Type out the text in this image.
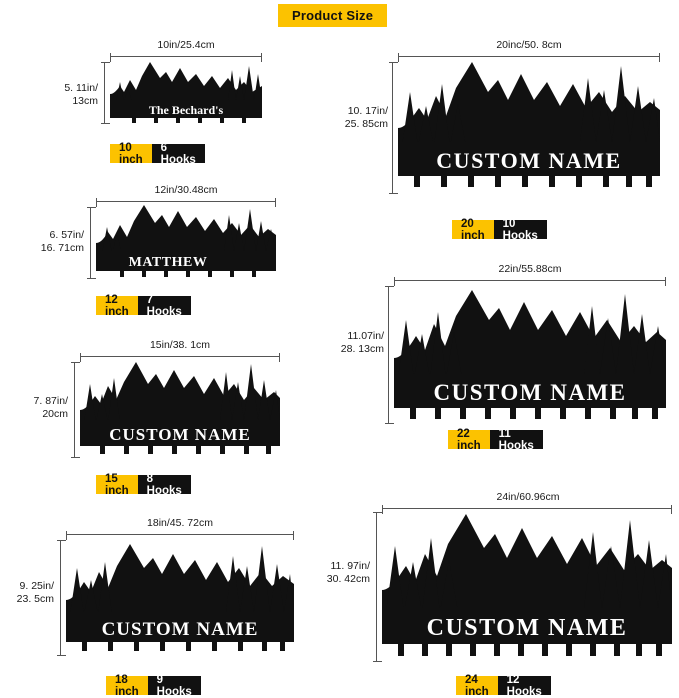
Product Size
10in/25.4cm
5. 11in/
13cm
The Bechard's
10 inch
6 Hooks
12in/30.48cm
6. 57in/
16. 71cm
MATTHEW
12 inch
7 Hooks
15in/38. 1cm
7. 87in/
20cm
CUSTOM NAME
15 inch
8 Hooks
18in/45. 72cm
9. 25in/
23. 5cm
CUSTOM NAME
18 inch
9 Hooks
20inc/50. 8cm
10. 17in/
25. 85cm
CUSTOM NAME
20 inch
10 Hooks
22in/55.88cm
11.07in/
28. 13cm
CUSTOM NAME
22 inch
11 Hooks
24in/60.96cm
11. 97in/
30. 42cm
CUSTOM NAME
24 inch
12 Hooks
